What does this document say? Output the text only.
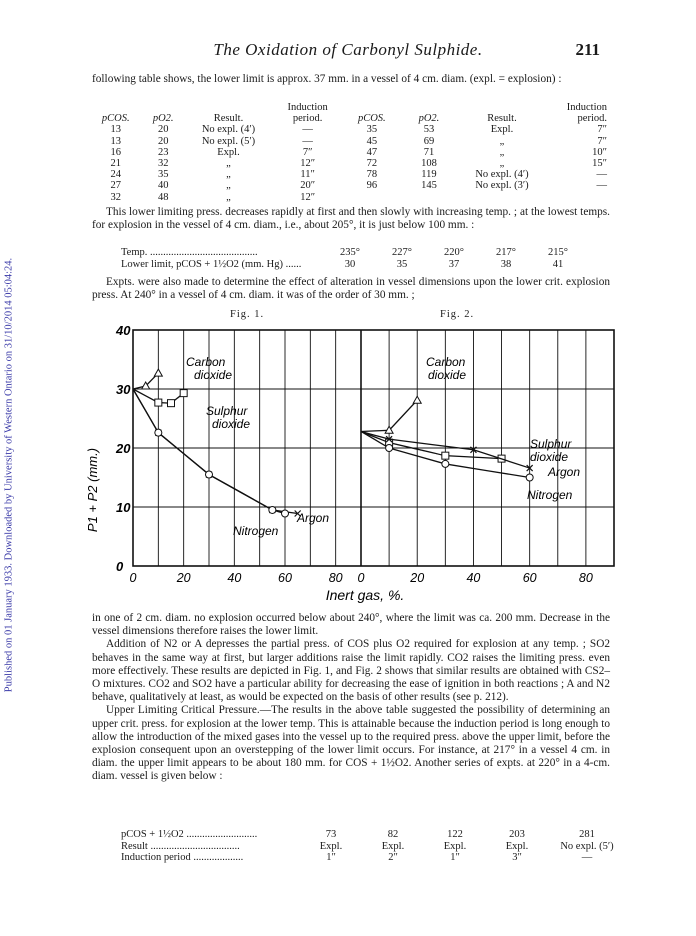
The Oxidation of Carbonyl Sulphide.	211
Published on 01 January 1933. Downloaded by University of Western Ontario on 31/10/2014 05:04:24.

following table shows, the lower limit is approx. 37 mm. in a vessel of 4 cm. diam. (expl. = explosion) :

pCOS.	pO2.	Result.	Induction period.	pCOS.	pO2.	Result.	Induction period.
13	20	No expl. (4′)	—	35	53	Expl.	7″
13	20	No expl. (5′)	—	45	69	„	7″
16	23	Expl.	7″	47	71	„	10″
21	32	„	12″	72	108	„	15″
24	35	„	11″	78	119	No expl. (4′)	—
27	40	„	20″	96	145	No expl. (3′)	—
32	48	„	12″				

This lower limiting press. decreases rapidly at first and then slowly with increasing temp. ; at the lowest temps. for explosion in the vessel of 4 cm. diam., i.e., about 205°, it is just below 100 mm. :

Temp. .........................................	235°	227°	220°	217°	215°
Lower limit, pCOS + 1½O2 (mm. Hg) ......	30	35	37	38	41

Expts. were also made to determine the effect of alteration in vessel dimensions upon the lower crit. explosion press. At 240° in a vessel of 4 cm. diam. it was of the order of 30 mm. ;

Fig. 1.	Fig. 2.
40
30
20
10
0
0	20	40	60	80 0	20	40	60	80
P1 + P2 (mm.)
Inert gas, %.
Carbon
dioxide
Sulphur
dioxide
Argon
Nitrogen
Carbon
dioxide
Sulphur
dioxide
Argon
Nitrogen

in one of 2 cm. diam. no explosion occurred below about 240°, where the limit was ca. 200 mm. Decrease in the vessel dimensions therefore raises the lower limit.

Addition of N2 or A depresses the partial press. of COS plus O2 required for explosion at any temp. ; SO2 behaves in the same way at first, but larger additions raise the limit rapidly. CO2 raises the limiting press. even more effectively. These results are depicted in Fig. 1, and Fig. 2 shows that similar results are obtained with CS2–O mixtures. CO2 and SO2 have a particular ability for decreasing the ease of ignition in both reactions ; A and N2 behave, qualitatively at least, as would be expected on the basis of other results (see p. 212).

Upper Limiting Critical Pressure.—The results in the above table suggested the possibility of determining an upper crit. press. for explosion at the lower temp. This is attainable because the induction period is long enough to allow the introduction of the mixed gases into the vessel up to the required press. above the upper limit, before the explosion consequent upon an overstepping of the lower limit occurs. For instance, at 217° in a vessel 4 cm. in diam. the upper limit appears to be about 180 mm. for COS + 1½O2. Another series of expts. at 220° in a 4-cm. diam. vessel is given below :

pCOS + 1½O2 ...........................	73	82	122	203	281
Result ..................................	Expl.	Expl.	Expl.	Expl.	No expl. (5′)
Induction period ...................	1″	2″	1″	3″	—
